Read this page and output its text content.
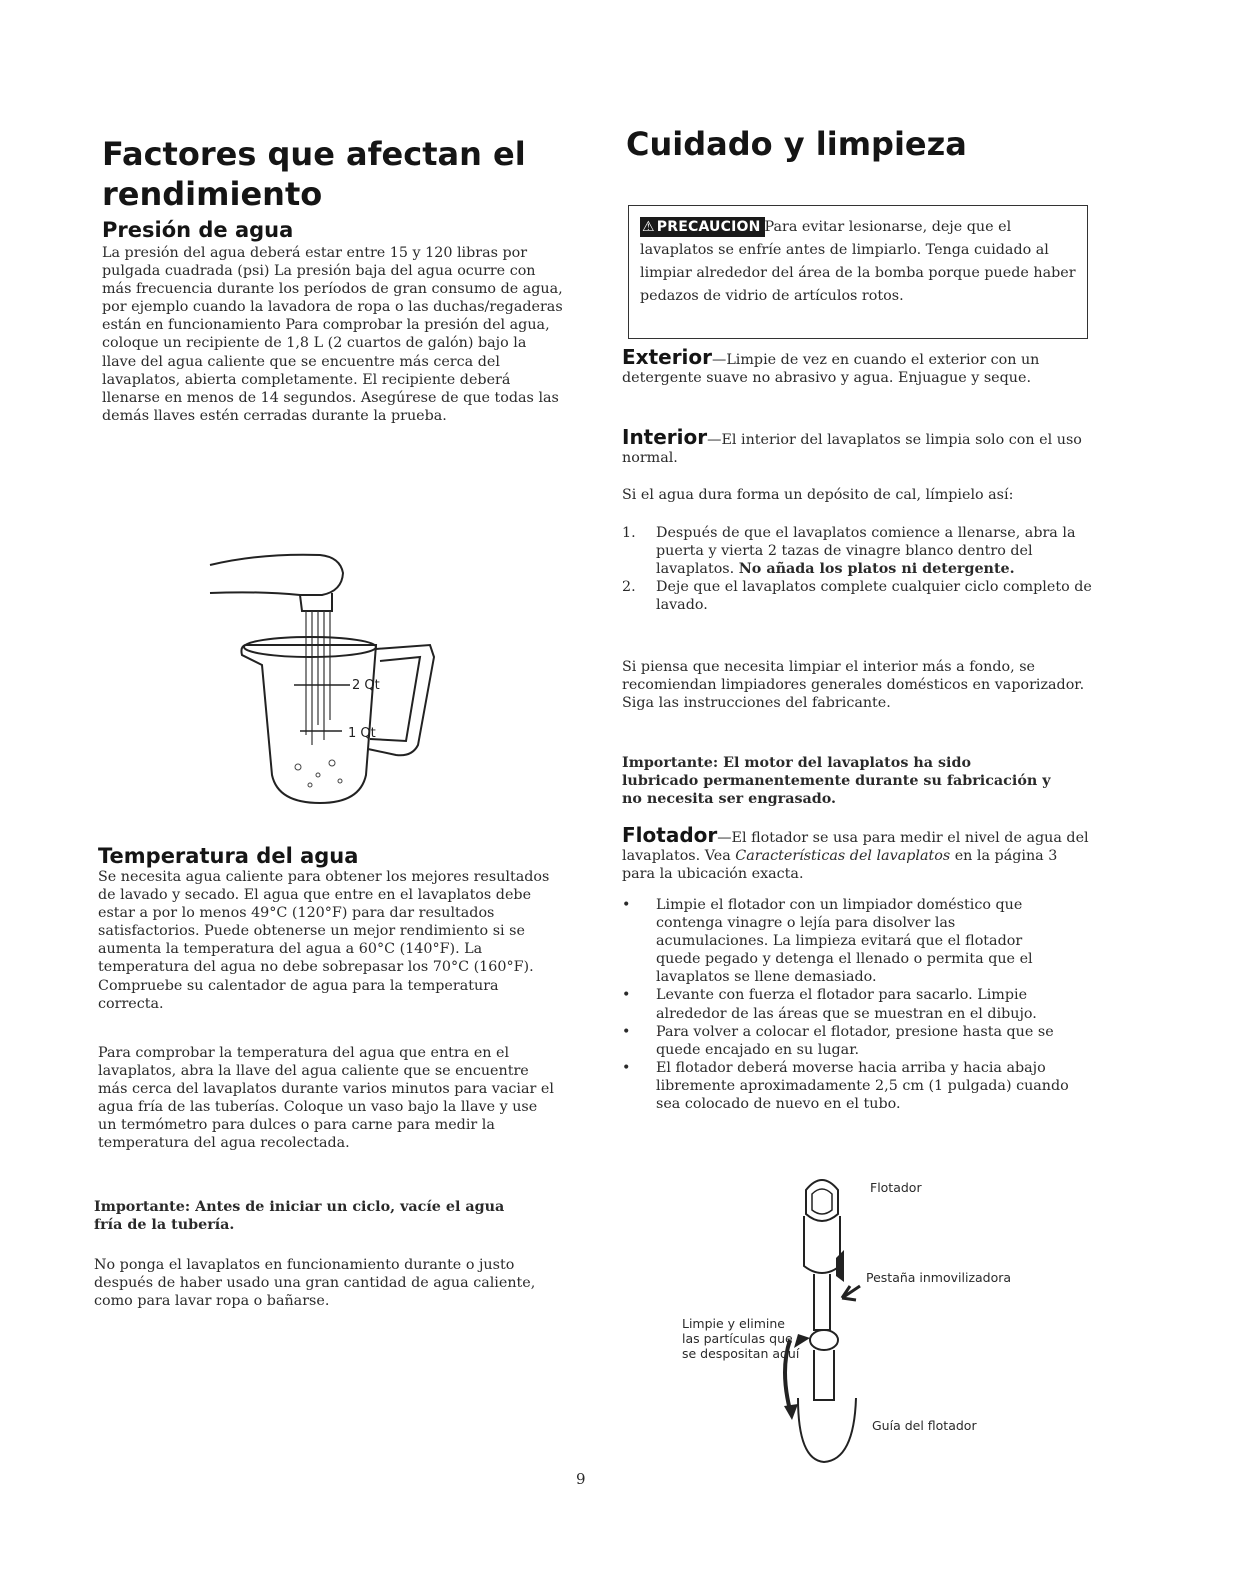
Factores que afectan el rendimiento
Presión de agua

La presión del agua deberá estar entre 15 y 120 libras por pulgada cuadrada (psi) La presión baja del agua ocurre con más frecuencia durante los períodos de gran consumo de agua, por ejemplo cuando la lavadora de ropa o las duchas/regaderas están en funcionamiento Para comprobar la presión del agua, coloque un recipiente de 1,8 L (2 cuartos de galón) bajo la llave del agua caliente que se encuentre más cerca del lavaplatos, abierta completamente. El recipiente deberá llenarse en menos de 14 segundos. Asegúrese de que todas las demás llaves estén cerradas durante la prueba.

2 Qt
1 Qt
Temperatura del agua

Se necesita agua caliente para obtener los mejores resultados de lavado y secado. El agua que entre en el lavaplatos debe estar a por lo menos 49°C (120°F) para dar resultados satisfactorios. Puede obtenerse un mejor rendimiento si se aumenta la temperatura del agua a 60°C (140°F). La temperatura del agua no debe sobrepasar los 70°C (160°F). Compruebe su calentador de agua para la temperatura correcta.

Para comprobar la temperatura del agua que entra en el lavaplatos, abra la llave del agua caliente que se encuentre más cerca del lavaplatos durante varios minutos para vaciar el agua fría de las tuberías. Coloque un vaso bajo la llave y use un termómetro para dulces o para carne para medir la temperatura del agua recolectada.

Importante: Antes de iniciar un ciclo, vacíe el agua fría de la tubería.

No ponga el lavaplatos en funcionamiento durante o justo después de haber usado una gran cantidad de agua caliente, como para lavar ropa o bañarse.

Cuidado y limpieza

⚠ PRECAUCION Para evitar lesionarse, deje que el lavaplatos se enfríe antes de limpiarlo. Tenga cuidado al limpiar alrededor del área de la bomba porque puede haber pedazos de vidrio de artículos rotos.

Exterior—Limpie de vez en cuando el exterior con un detergente suave no abrasivo y agua. Enjuague y seque.

Interior—El interior del lavaplatos se limpia solo con el uso normal.

Si el agua dura forma un depósito de cal, límpielo así:

1. Después de que el lavaplatos comience a llenarse, abra la puerta y vierta 2 tazas de vinagre blanco dentro del lavaplatos. No añada los platos ni detergente.
2. Deje que el lavaplatos complete cualquier ciclo completo de lavado.

Si piensa que necesita limpiar el interior más a fondo, se recomiendan limpiadores generales domésticos en vaporizador. Siga las instrucciones del fabricante.

Importante: El motor del lavaplatos ha sido lubricado permanentemente durante su fabricación y no necesita ser engrasado.

Flotador—El flotador se usa para medir el nivel de agua del lavaplatos. Vea Características del lavaplatos en la página 3 para la ubicación exacta.

• Limpie el flotador con un limpiador doméstico que contenga vinagre o lejía para disolver las acumulaciones. La limpieza evitará que el flotador quede pegado y detenga el llenado o permita que el lavaplatos se llene demasiado.
• Levante con fuerza el flotador para sacarlo. Limpie alrededor de las áreas que se muestran en el dibujo.
• Para volver a colocar el flotador, presione hasta que se quede encajado en su lugar.
• El flotador deberá moverse hacia arriba y hacia abajo libremente aproximadamente 2,5 cm (1 pulgada) cuando sea colocado de nuevo en el tubo.
Flotador
Pestaña inmovilizadora
Limpie y elimine las partículas que se despositan aquí
Guía del flotador
9
